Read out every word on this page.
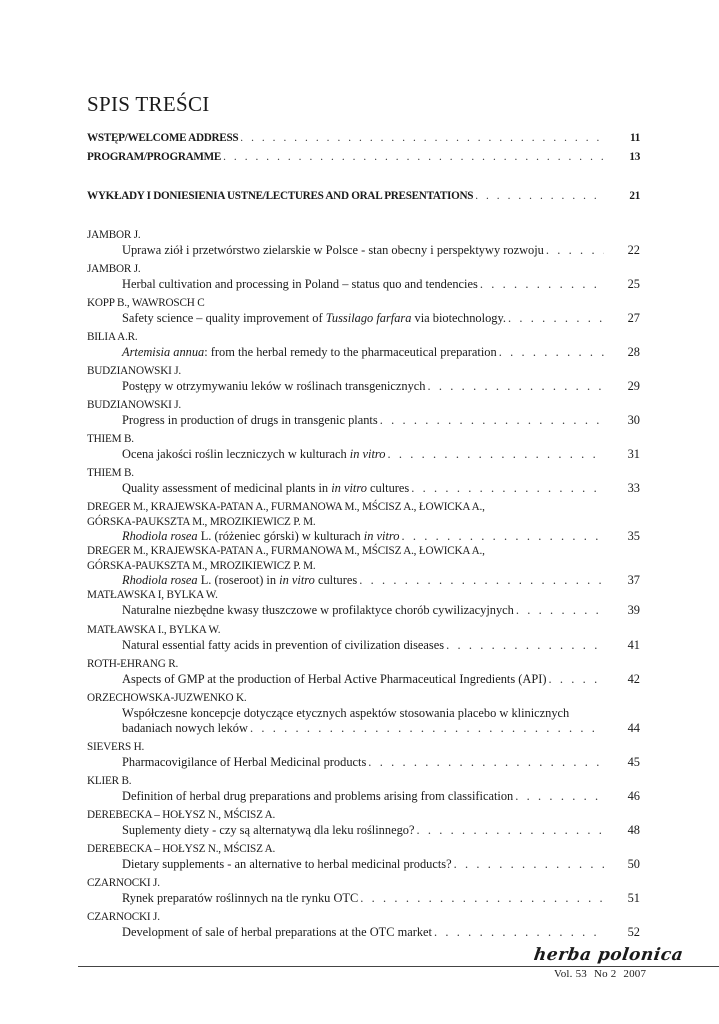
SPIS TREŚCI
WSTĘP/WELCOME ADDRESS . . .	11
PROGRAM/PROGRAMME . . .	13
WYKŁADY I DONIESIENIA USTNE/LECTURES AND ORAL PRESENTATIONS . . .	21
JAMBOR J.
Uprawa ziół i przetwórstwo zielarskie w Polsce - stan obecny i perspektywy rozwoju . . .	22
JAMBOR J.
Herbal cultivation and processing in Poland – status quo and tendencies . . .	25
KOPP B., WAWROSCH C
Safety science – quality improvement of Tussilago farfara via biotechnology. . . .	27
BILIA A.R.
Artemisia annua: from the herbal remedy to the pharmaceutical preparation . . .	28
BUDZIANOWSKI J.
Postępy w otrzymywaniu leków w roślinach transgenicznych . . .	29
BUDZIANOWSKI J.
Progress in production of drugs in transgenic plants . . .	30
THIEM B.
Ocena jakości roślin leczniczych w kulturach in vitro . . .	31
THIEM B.
Quality assessment of medicinal plants in in vitro cultures . . .	33
DREGER M., KRAJEWSKA-PATAN A., FURMANOWA M., MŚCISZ A., ŁOWICKA A.,
GÓRSKA-PAUKSZTA M., MROZIKIEWICZ P. M.
Rhodiola rosea L. (różeniec górski) w kulturach in vitro . . .	35
DREGER M., KRAJEWSKA-PATAN A., FURMANOWA M., MŚCISZ A., ŁOWICKA A.,
GÓRSKA-PAUKSZTA M., MROZIKIEWICZ P. M.
Rhodiola rosea L. (roseroot) in in vitro cultures . . .	37
MATŁAWSKA I, BYLKA W.
Naturalne niezbędne kwasy tłuszczowe w profilaktyce chorób cywilizacyjnych . . .	39
MATŁAWSKA I., BYLKA W.
Natural essential fatty acids in prevention of civilization diseases . . .	41
ROTH-EHRANG R.
Aspects of GMP at the production of Herbal Active Pharmaceutical Ingredients (API) . . .	42
ORZECHOWSKA-JUZWENKO K.
Współczesne koncepcje dotyczące etycznych aspektów stosowania placebo w klinicznych
badaniach nowych leków . . .	44
SIEVERS H.
Pharmacovigilance of Herbal Medicinal products . . .	45
KLIER B.
Definition of herbal drug preparations and problems arising from classification . . .	46
DEREBECKA – HOŁYSZ N., MŚCISZ A.
Suplementy diety - czy są alternatywą dla leku roślinnego? . . .	48
DEREBECKA – HOŁYSZ N., MŚCISZ A.
Dietary supplements - an alternative to herbal medicinal products? . . .	50
CZARNOCKI J.
Rynek preparatów roślinnych na tle rynku OTC . . .	51
CZARNOCKI J.
Development of sale of herbal preparations at the OTC market . . .	52
herba polonica
Vol. 53 No 2 2007
